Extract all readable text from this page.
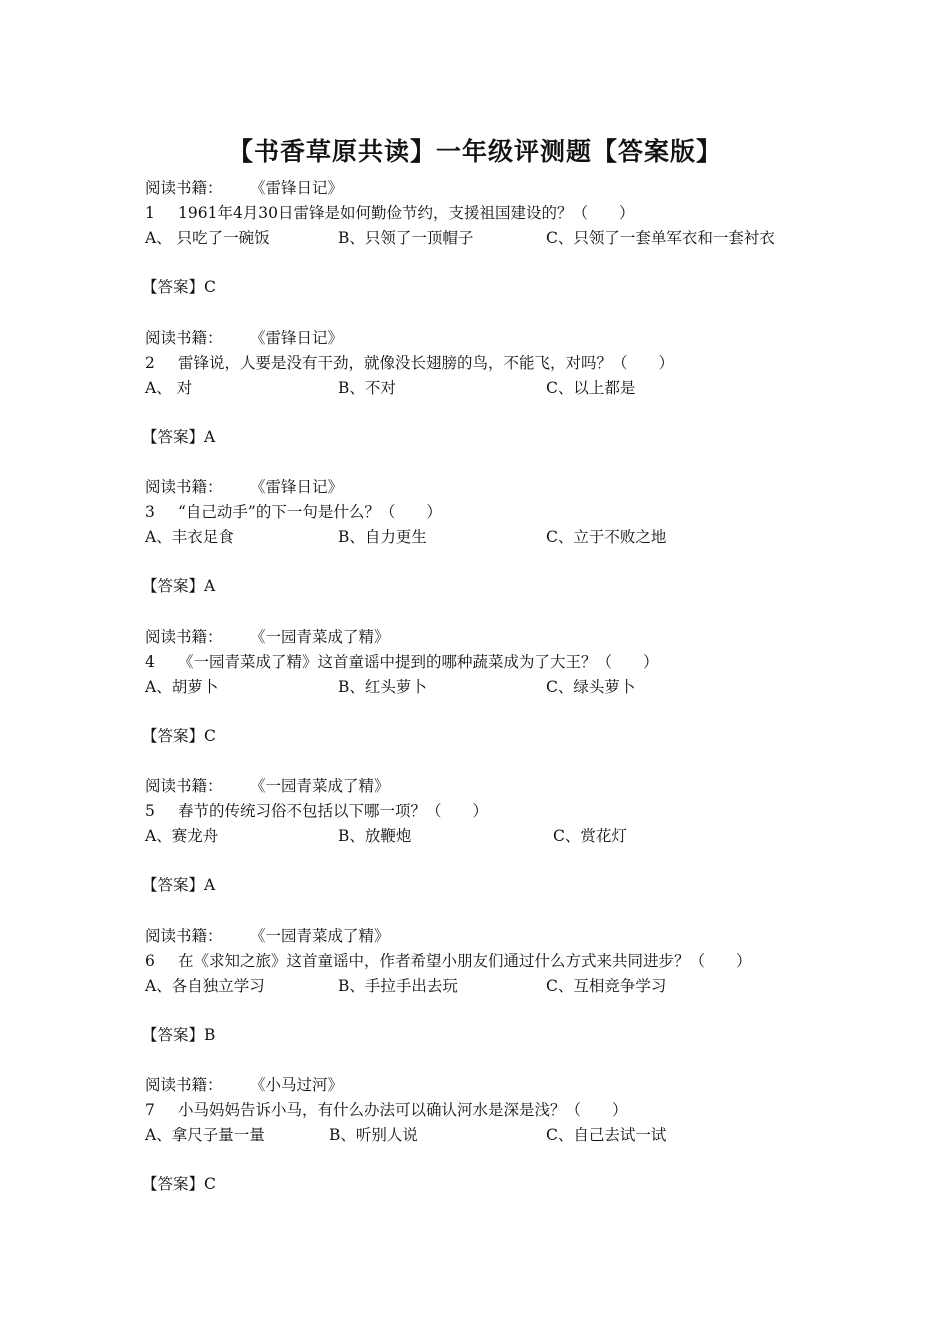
【书香草原共读】一年级评测题【答案版】
阅读书籍： 《雷锋日记》
1 1961年4月30日雷锋是如何勤俭节约，支援祖国建设的？（　　）
A、 只吃了一碗饭	B、只领了一顶帽子	C、只领了一套单军衣和一套衬衣
【答案】C
阅读书籍： 《雷锋日记》
2 雷锋说，人要是没有干劲，就像没长翅膀的鸟，不能飞，对吗？（　　）
A、 对	B、不对	C、以上都是
【答案】A
阅读书籍： 《雷锋日记》
3 “自己动手”的下一句是什么？（　　）
A、丰衣足食	B、自力更生	C、立于不败之地
【答案】A
阅读书籍： 《一园青菜成了精》
4 《一园青菜成了精》这首童谣中提到的哪种蔬菜成为了大王？（　　）
A、胡萝卜	B、红头萝卜	C、绿头萝卜
【答案】C
阅读书籍： 《一园青菜成了精》
5 春节的传统习俗不包括以下哪一项？（　　）
A、赛龙舟	B、放鞭炮	C、赏花灯
【答案】A
阅读书籍： 《一园青菜成了精》
6 在《求知之旅》这首童谣中，作者希望小朋友们通过什么方式来共同进步？（　　）
A、各自独立学习	B、手拉手出去玩	C、互相竞争学习
【答案】B
阅读书籍： 《小马过河》
7 小马妈妈告诉小马，有什么办法可以确认河水是深是浅？（　　）
A、拿尺子量一量	B、听别人说	C、自己去试一试
【答案】C
